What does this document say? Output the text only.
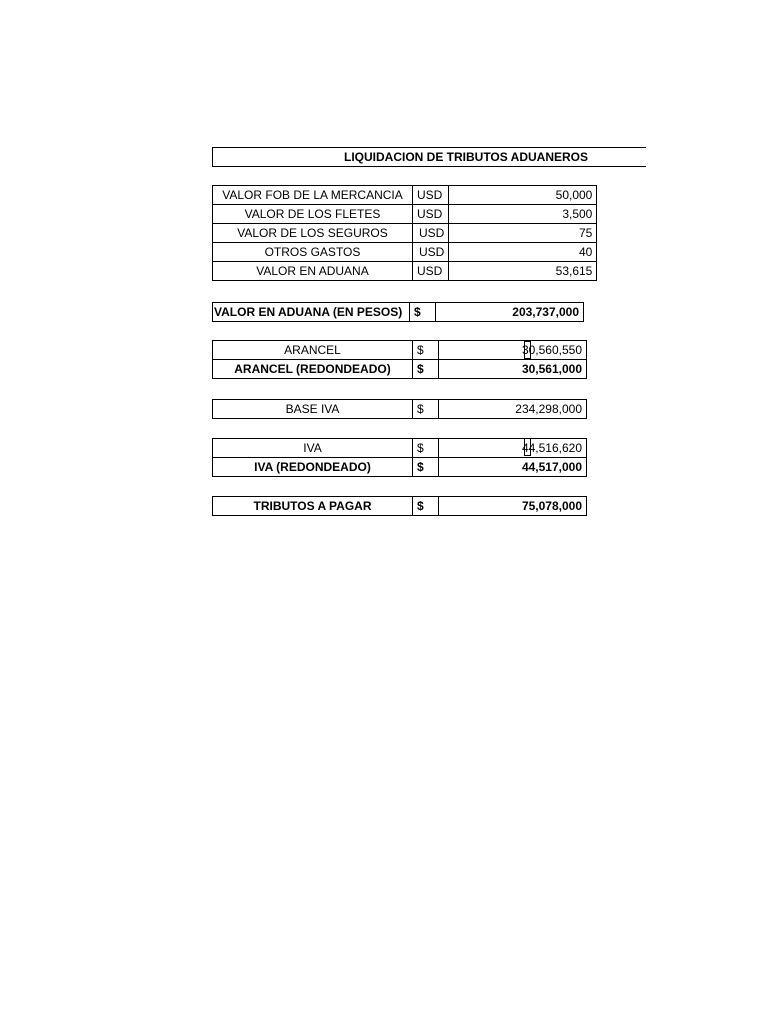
LIQUIDACION DE TRIBUTOS ADUANEROS
VALOR FOB DE LA MERCANCIA	USD	50,000
VALOR DE LOS FLETES	USD	3,500
VALOR DE LOS SEGUROS	USD	75
OTROS GASTOS	USD	40
VALOR EN ADUANA	USD	53,615
VALOR EN ADUANA (EN PESOS)	$	203,737,000
ARANCEL	$	30,560,550
ARANCEL (REDONDEADO)	$	30,561,000
BASE IVA	$	234,298,000
IVA	$	44,516,620
IVA (REDONDEADO)	$	44,517,000
TRIBUTOS A PAGAR	$	75,078,000
